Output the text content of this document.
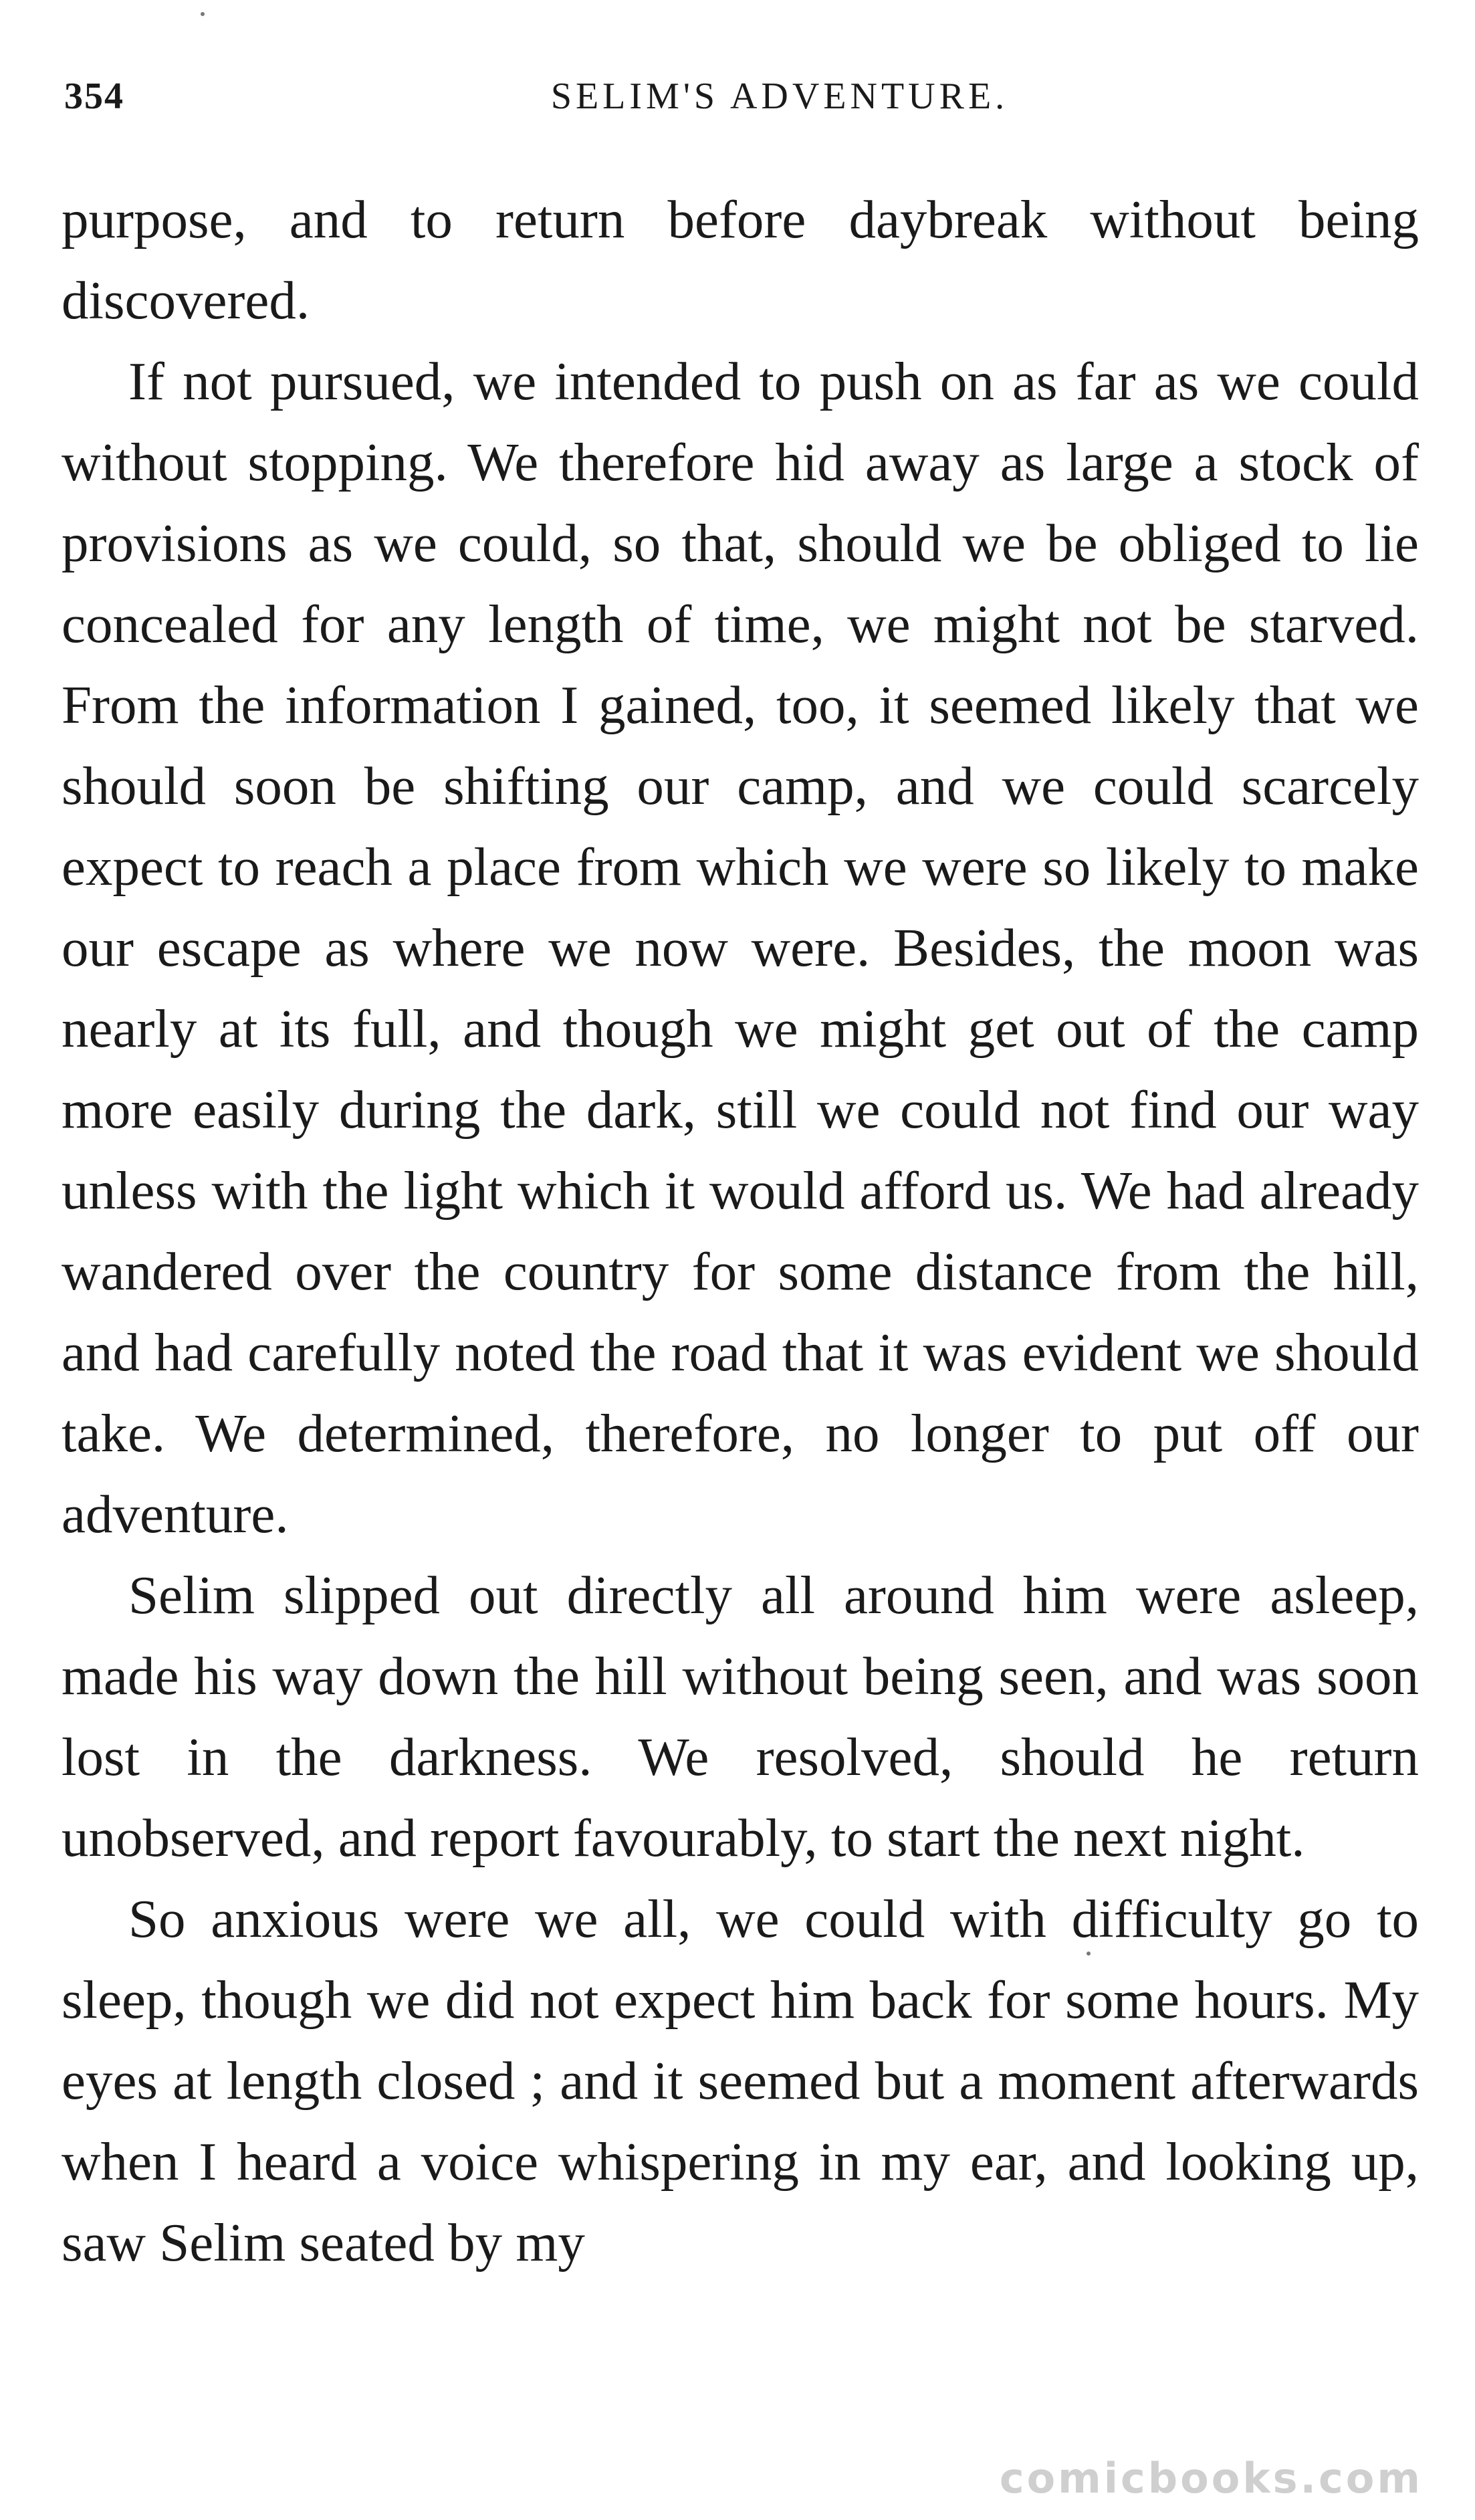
354	SELIM'S ADVENTURE.

purpose, and to return before daybreak without being discovered.

If not pursued, we intended to push on as far as we could without stopping. We therefore hid away as large a stock of provisions as we could, so that, should we be obliged to lie concealed for any length of time, we might not be starved. From the information I gained, too, it seemed likely that we should soon be shifting our camp, and we could scarcely expect to reach a place from which we were so likely to make our escape as where we now were. Besides, the moon was nearly at its full, and though we might get out of the camp more easily during the dark, still we could not find our way unless with the light which it would afford us. We had already wandered over the country for some distance from the hill, and had carefully noted the road that it was evident we should take. We determined, therefore, no longer to put off our adventure.

Selim slipped out directly all around him were asleep, made his way down the hill without being seen, and was soon lost in the darkness. We resolved, should he return unobserved, and report favourably, to start the next night.

So anxious were we all, we could with difficulty go to sleep, though we did not expect him back for some hours. My eyes at length closed ; and it seemed but a moment afterwards when I heard a voice whispering in my ear, and looking up, saw Selim seated by my

comicbooks.com
